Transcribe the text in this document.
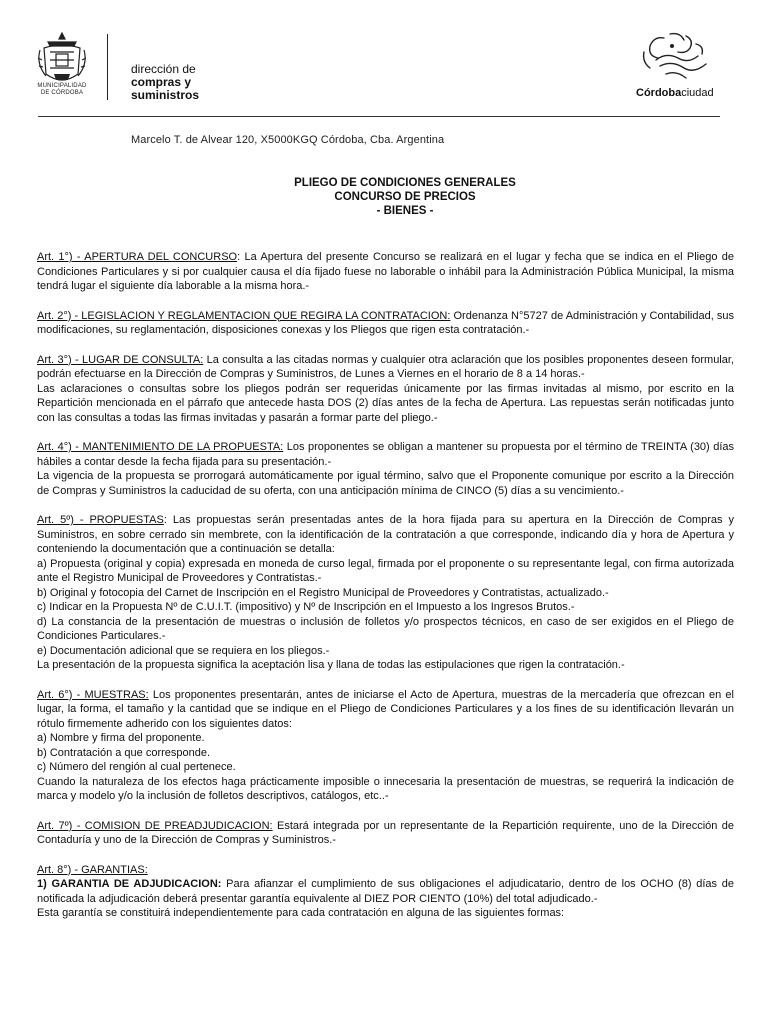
MUNICIPALIDAD
DE CÓRDOBA
dirección de
compras y
suministros	Córdobaciudad
Marcelo T. de Alvear 120, X5000KGQ Córdoba, Cba. Argentina
PLIEGO DE CONDICIONES GENERALES
CONCURSO DE PRECIOS
- BIENES -

Art. 1°) - APERTURA DEL CONCURSO: La Apertura del presente Concurso se realizará en el lugar y fecha que se indica en el Pliego de Condiciones Particulares y si por cualquier causa el día fijado fuese no laborable o inhábil para la Administración Pública Municipal, la misma tendrá lugar el siguiente día laborable a la misma hora.-

Art. 2°) - LEGISLACION Y REGLAMENTACION QUE REGIRA LA CONTRATACION: Ordenanza N°5727 de Administración y Contabilidad, sus modificaciones, su reglamentación, disposiciones conexas y los Pliegos que rigen esta contratación.-

Art. 3°) - LUGAR DE CONSULTA: La consulta a las citadas normas y cualquier otra aclaración que los posibles proponentes deseen formular, podrán efectuarse en la Dirección de Compras y Suministros, de Lunes a Viernes en el horario de 8 a 14 horas.-
Las aclaraciones o consultas sobre los pliegos podrán ser requeridas únicamente por las firmas invitadas al mismo, por escrito en la Repartición mencionada en el párrafo que antecede hasta DOS (2) días antes de la fecha de Apertura. Las repuestas serán notificadas junto con las consultas a todas las firmas invitadas y pasarán a formar parte del pliego.-

Art. 4°) - MANTENIMIENTO DE LA PROPUESTA: Los proponentes se obligan a mantener su propuesta por el término de TREINTA (30) días hábiles a contar desde la fecha fijada para su presentación.-
La vigencia de la propuesta se prorrogará automáticamente por igual término, salvo que el Proponente comunique por escrito a la Dirección de Compras y Suministros la caducidad de su oferta, con una anticipación mínima de CINCO (5) días a su vencimiento.-

Art. 5º) - PROPUESTAS: Las propuestas serán presentadas antes de la hora fijada para su apertura en la Dirección de Compras y Suministros, en sobre cerrado sin membrete, con la identificación de la contratación a que corresponde, indicando día y hora de Apertura y conteniendo la documentación que a continuación se detalla:
a) Propuesta (original y copia) expresada en moneda de curso legal, firmada por el proponente o su representante legal, con firma autorizada ante el Registro Municipal de Proveedores y Contratistas.-
b) Original y fotocopia del Carnet de Inscripción en el Registro Municipal de Proveedores y Contratistas, actualizado.-
c) Indicar en la Propuesta Nº de C.U.I.T. (impositivo) y Nº de Inscripción en el Impuesto a los Ingresos Brutos.-
d) La constancia de la presentación de muestras o inclusión de folletos y/o prospectos técnicos, en caso de ser exigidos en el Pliego de Condiciones Particulares.-
e) Documentación adicional que se requiera en los pliegos.-
La presentación de la propuesta significa la aceptación lisa y llana de todas las estipulaciones que rigen la contratación.-

Art. 6°) - MUESTRAS: Los proponentes presentarán, antes de iniciarse el Acto de Apertura, muestras de la mercadería que ofrezcan en el lugar, la forma, el tamaño y la cantidad que se indique en el Pliego de Condiciones Particulares y a los fines de su identificación llevarán un rótulo firmemente adherido con los siguientes datos:
a) Nombre y firma del proponente.
b) Contratación a que corresponde.
c) Número del rengión al cual pertenece.
Cuando la naturaleza de los efectos haga prácticamente imposible o innecesaria la presentación de muestras, se requerirá la indicación de marca y modelo y/o la inclusión de folletos descriptivos, catálogos, etc..-

Art. 7º) - COMISION DE PREADJUDICACION: Estará integrada por un representante de la Repartición requirente, uno de la Dirección de Contaduría y uno de la Dirección de Compras y Suministros.-

Art. 8°) - GARANTIAS:
1) GARANTIA DE ADJUDICACION: Para afianzar el cumplimiento de sus obligaciones el adjudicatario, dentro de los OCHO (8) días de notificada la adjudicación deberá presentar garantía equivalente al DIEZ POR CIENTO (10%) del total adjudicado.-
Esta garantía se constituirá independientemente para cada contratación en alguna de las siguientes formas:
